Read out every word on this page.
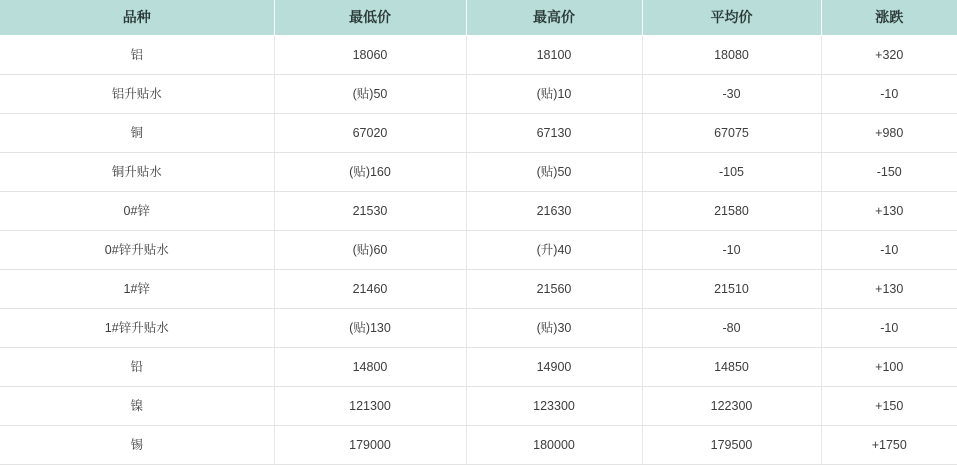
品种	最低价	最高价	平均价	涨跌
铝	18060	18100	18080	+320
铝升贴水	(贴)50	(贴)10	-30	-10
铜	67020	67130	67075	+980
铜升贴水	(贴)160	(贴)50	-105	-150
0#锌	21530	21630	21580	+130
0#锌升贴水	(贴)60	(升)40	-10	-10
1#锌	21460	21560	21510	+130
1#锌升贴水	(贴)130	(贴)30	-80	-10
铅	14800	14900	14850	+100
镍	121300	123300	122300	+150
锡	179000	180000	179500	+1750
